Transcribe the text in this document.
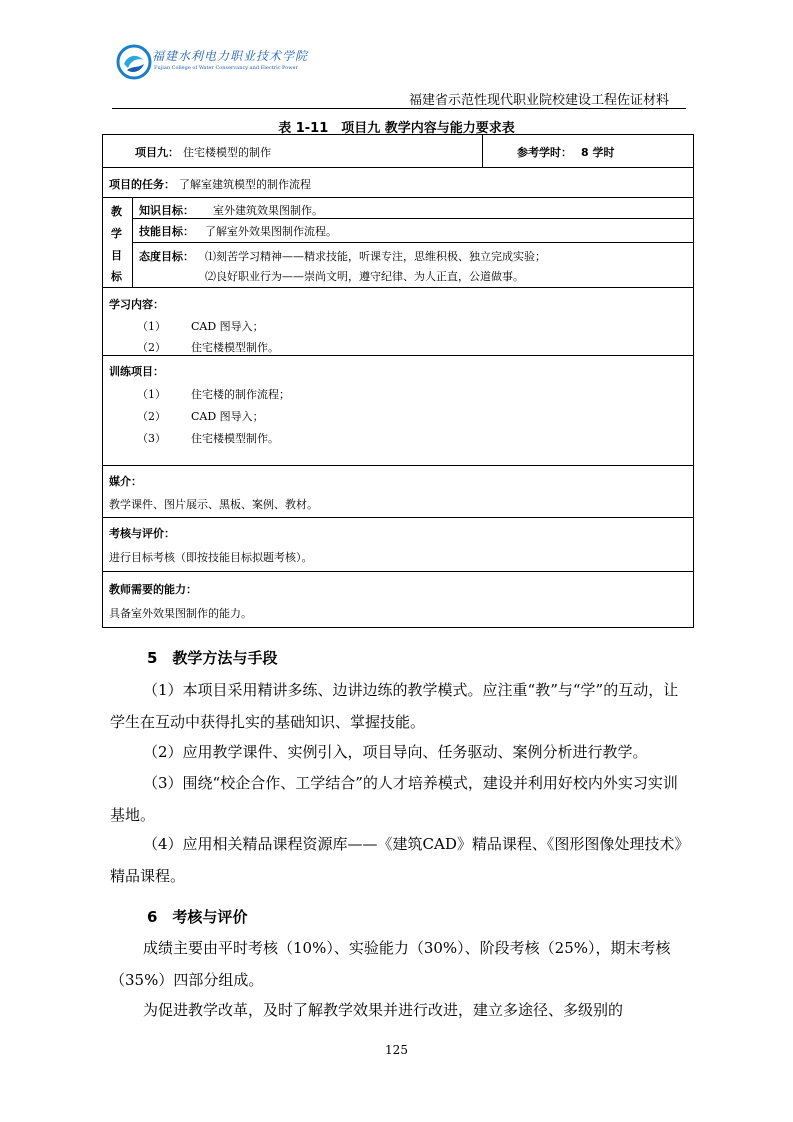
福建水利电力职业技术学院
Fujian College of Water Conservancy and Electric Power
福建省示范性现代职业院校建设工程佐证材料
表 1-11　项目九 教学内容与能力要求表
项目九： 住宅楼模型的制作	参考学时： 8 学时
项目的任务： 了解室建筑模型的制作流程
教
学
目
标
知识目标： 室外建筑效果图制作。
技能目标： 了解室外效果图制作流程。
态度目标： ⑴刻苦学习精神——精求技能，听课专注，思维积极、独立完成实验；
⑵良好职业行为——崇尚文明，遵守纪律、为人正直，公道做事。
学习内容：
（1） CAD 图导入；
（2） 住宅楼模型制作。
训练项目：
（1） 住宅楼的制作流程；
（2） CAD 图导入；
（3） 住宅楼模型制作。
媒介：
教学课件、图片展示、黑板、案例、教材。
考核与评价：
进行目标考核（即按技能目标拟题考核）。
教师需要的能力：
具备室外效果图制作的能力。
5　教学方法与手段
（1）本项目采用精讲多练、边讲边练的教学模式。应注重“教”与“学”的互动，让学生在互动中获得扎实的基础知识、掌握技能。
（2）应用教学课件、实例引入，项目导向、任务驱动、案例分析进行教学。
（3）围绕“校企合作、工学结合”的人才培养模式，建设并利用好校内外实习实训基地。
（4）应用相关精品课程资源库——《建筑CAD》精品课程、《图形图像处理技术》精品课程。
6　考核与评价
成绩主要由平时考核（10%）、实验能力（30%）、阶段考核（25%），期末考核（35%）四部分组成。
为促进教学改革，及时了解教学效果并进行改进，建立多途径、多级别的
125
